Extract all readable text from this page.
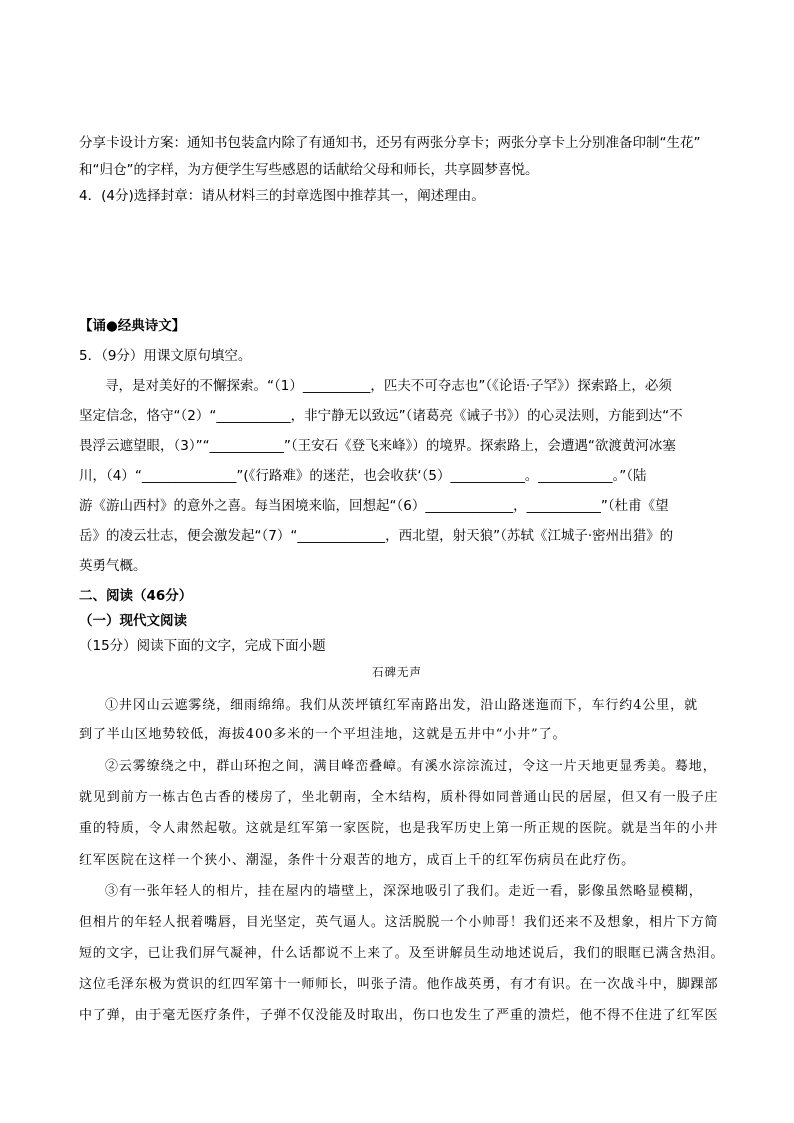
分享卡设计方案：通知书包装盒内除了有通知书，还另有两张分享卡；两张分享卡上分别准备印制“生花”
和“归仓”的字样，为方便学生写些感恩的话献给父母和师长，共享圆梦喜悦。
4．(4分)选择封章：请从材料三的封章选图中推荐其一，阐述理由。
【诵●经典诗文】
5．（9分）用课文原句填空。
寻，是对美好的不懈探索。“（1）__________，匹夫不可夺志也”（《论语·子罕》）探索路上，必须
坚定信念，恪守“（2）“___________，非宁静无以致远”（诸葛亮《诫子书》）的心灵法则，方能到达“不
畏浮云遮望眼，（3）”“___________”（王安石《登飞来峰》）的境界。探索路上，会遭遇“欲渡黄河冰塞
川，（4）“______________”(《行路难》的迷茫，也会收获‘（5）___________。___________。”（陆
游《游山西村》的意外之喜。每当困境来临，回想起“（6）_____________，___________”（杜甫《望
岳》的凌云壮志，便会激发起“（7）“_____________，西北望，射天狼”（苏轼《江城子·密州出猎》的
英勇气概。
二、阅读（46分）
（一）现代文阅读
（15分）阅读下面的文字，完成下面小题
石碑无声
①井冈山云遮雾绕，细雨绵绵。我们从茨坪镇红军南路出发，沿山路迷迤而下，车行约4公里，就
到了半山区地势较低，海拔400多米的一个平坦洼地，这就是五井中“小井”了。
②云雾缭绕之中，群山环抱之间，满目峰峦叠嶂。有溪水淙淙流过，令这一片天地更显秀美。蓦地，
就见到前方一栋古色古香的楼房了，坐北朝南，全木结构，质朴得如同普通山民的居屋，但又有一股子庄
重的特质，令人肃然起敬。这就是红军第一家医院，也是我军历史上第一所正规的医院。就是当年的小井
红军医院在这样一个狭小、潮湿，条件十分艰苦的地方，成百上千的红军伤病员在此疗伤。
③有一张年轻人的相片，挂在屋内的墙壁上，深深地吸引了我们。走近一看，影像虽然略显模糊，
但相片的年轻人抿着嘴唇，目光坚定，英气逼人。这活脱脱一个小帅哥！我们还来不及想象，相片下方简
短的文字，已让我们屏气凝神，什么话都说不上来了。及至讲解员生动地述说后，我们的眼眶已满含热泪。
这位毛泽东极为赏识的红四军第十一师师长，叫张子清。他作战英勇，有才有识。在一次战斗中，脚踝部
中了弹，由于毫无医疗条件，子弹不仅没能及时取出，伤口也发生了严重的溃烂，他不得不住进了红军医
